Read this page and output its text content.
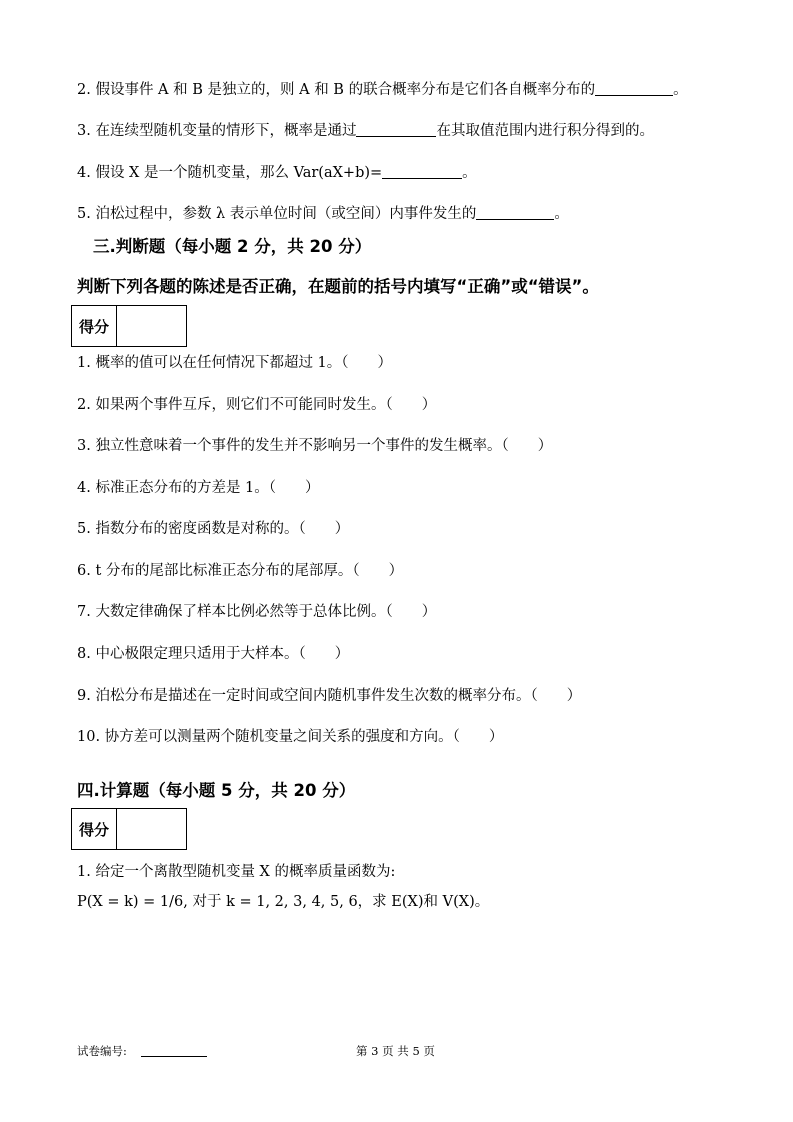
2. 假设事件 A 和 B 是独立的，则 A 和 B 的联合概率分布是它们各自概率分布的	。
3. 在连续型随机变量的情形下，概率是通过	在其取值范围内进行积分得到的。
4. 假设 X 是一个随机变量，那么 Var(aX+b)=	。
5. 泊松过程中，参数 λ 表示单位时间（或空间）内事件发生的	。
三.判断题（每小题 2 分，共 20 分）
判断下列各题的陈述是否正确，在题前的括号内填写“正确”或“错误”。
得分
1. 概率的值可以在任何情况下都超过 1。（　　）
2. 如果两个事件互斥，则它们不可能同时发生。（　　）
3. 独立性意味着一个事件的发生并不影响另一个事件的发生概率。（　　）
4. 标准正态分布的方差是 1。（　　）
5. 指数分布的密度函数是对称的。（　　）
6. t 分布的尾部比标准正态分布的尾部厚。（　　）
7. 大数定律确保了样本比例必然等于总体比例。（　　）
8. 中心极限定理只适用于大样本。（　　）
9. 泊松分布是描述在一定时间或空间内随机事件发生次数的概率分布。（　　）
10. 协方差可以测量两个随机变量之间关系的强度和方向。（　　）
四.计算题（每小题 5 分，共 20 分）
得分
1. 给定一个离散型随机变量 X 的概率质量函数为:
P(X = k) = 1/6, 对于 k = 1, 2, 3, 4, 5, 6，求 E(X)和 V(X)。
试卷编号:	第 3 页 共 5 页
